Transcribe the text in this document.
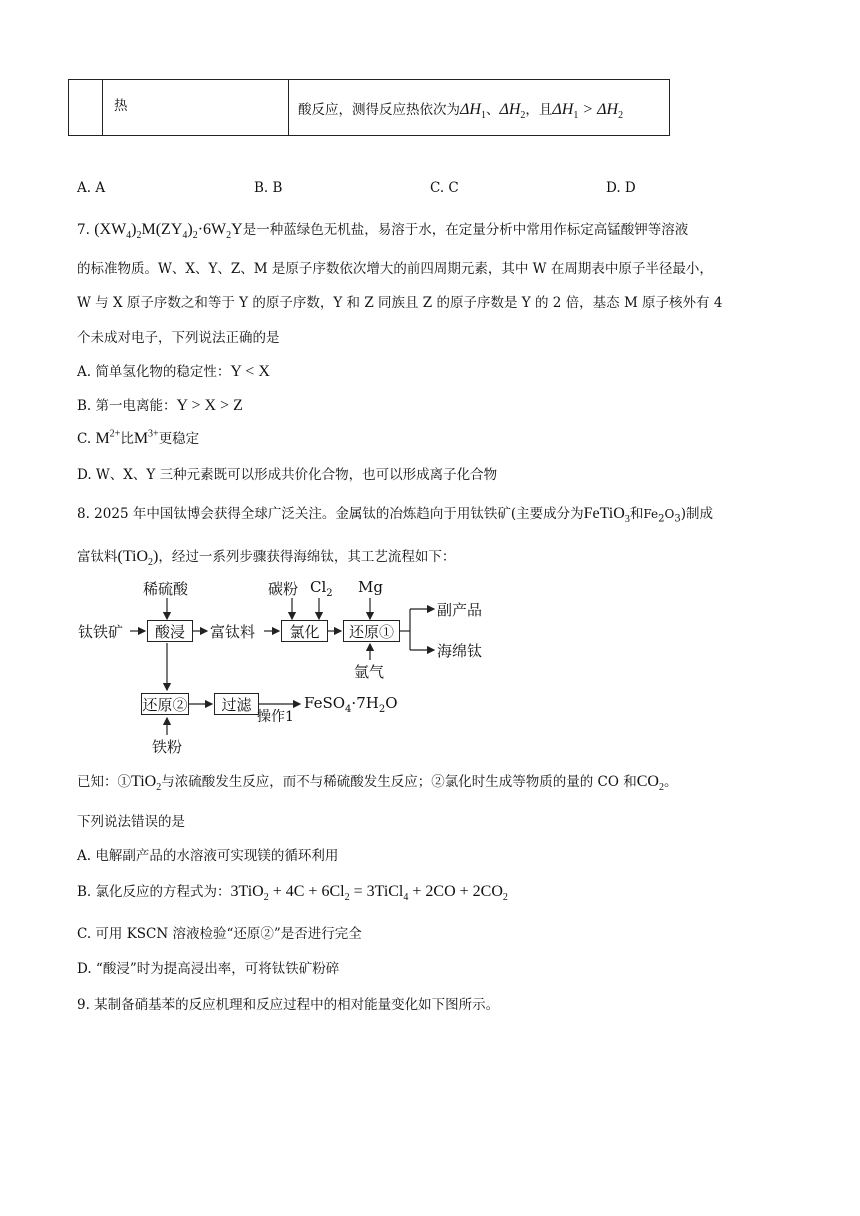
热	酸反应，测得反应热依次为$\Delta H_1$、$\Delta H_2$，且$\Delta H_1 > \Delta H_2$
A. A	B. B	C. C	D. D
7. $(XW_4)_2M(ZY_4)_2\cdot 6W_2Y$是一种蓝绿色无机盐，易溶于水，在定量分析中常用作标定高锰酸钾等溶液
的标准物质。W、X、Y、Z、M 是原子序数依次增大的前四周期元素，其中 W 在周期表中原子半径最小，
W 与 X 原子序数之和等于 Y 的原子序数，Y 和 Z 同族且 Z 的原子序数是 Y 的 2 倍，基态 M 原子核外有 4
个未成对电子，下列说法正确的是
A. 简单氢化物的稳定性：Y < X
B. 第一电离能：Y > X > Z
C. $M^{2+}$比$M^{3+}$更稳定
D. W、X、Y 三种元素既可以形成共价化合物，也可以形成离子化合物
8. 2025 年中国钛博会获得全球广泛关注。金属钛的冶炼趋向于用钛铁矿(主要成分为FeTiO$_3$和$Fe_2O_3$)制成
富钛料(TiO$_2$)，经过一系列步骤获得海绵钛，其工艺流程如下：
稀硫酸
钛铁矿	酸浸	富钛料
碳粉 $Cl_2$
氯化
Mg
还原①
副产品
海绵钛
氩气
还原②	过滤
操作1
$FeSO_4\cdot 7H_2O$
铁粉
已知：①TiO$_2$与浓硫酸发生反应，而不与稀硫酸发生反应；②氯化时生成等物质的量的 CO 和$CO_2$。
下列说法错误的是
A. 电解副产品的水溶液可实现镁的循环利用
B. 氯化反应的方程式为：$3TiO_2 + 4C + 6Cl_2$ = 3TiCl$_4$ + $2CO + 2CO_2$
C. 可用 KSCN 溶液检验“还原②”是否进行完全
D. “酸浸”时为提高浸出率，可将钛铁矿粉碎
9. 某制备硝基苯的反应机理和反应过程中的相对能量变化如下图所示。
